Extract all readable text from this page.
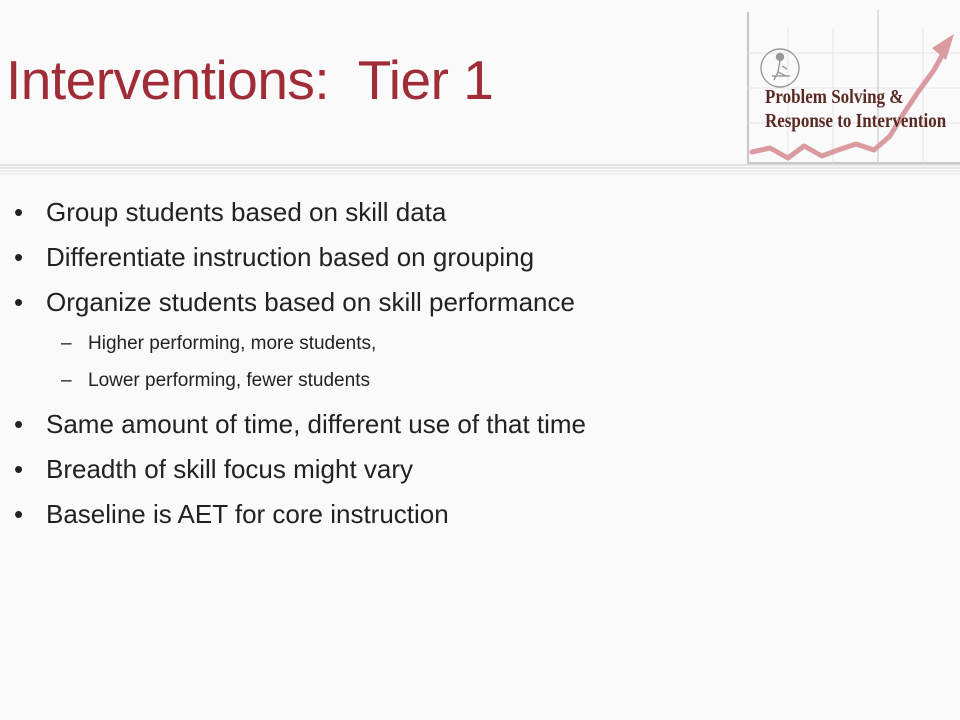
Interventions:  Tier 1	Problem Solving &
Response to Intervention
• Group students based on skill data
• Differentiate instruction based on grouping
• Organize students based on skill performance
– Higher performing, more students,
– Lower performing, fewer students
• Same amount of time, different use of that time
• Breadth of skill focus might vary
• Baseline is AET for core instruction
